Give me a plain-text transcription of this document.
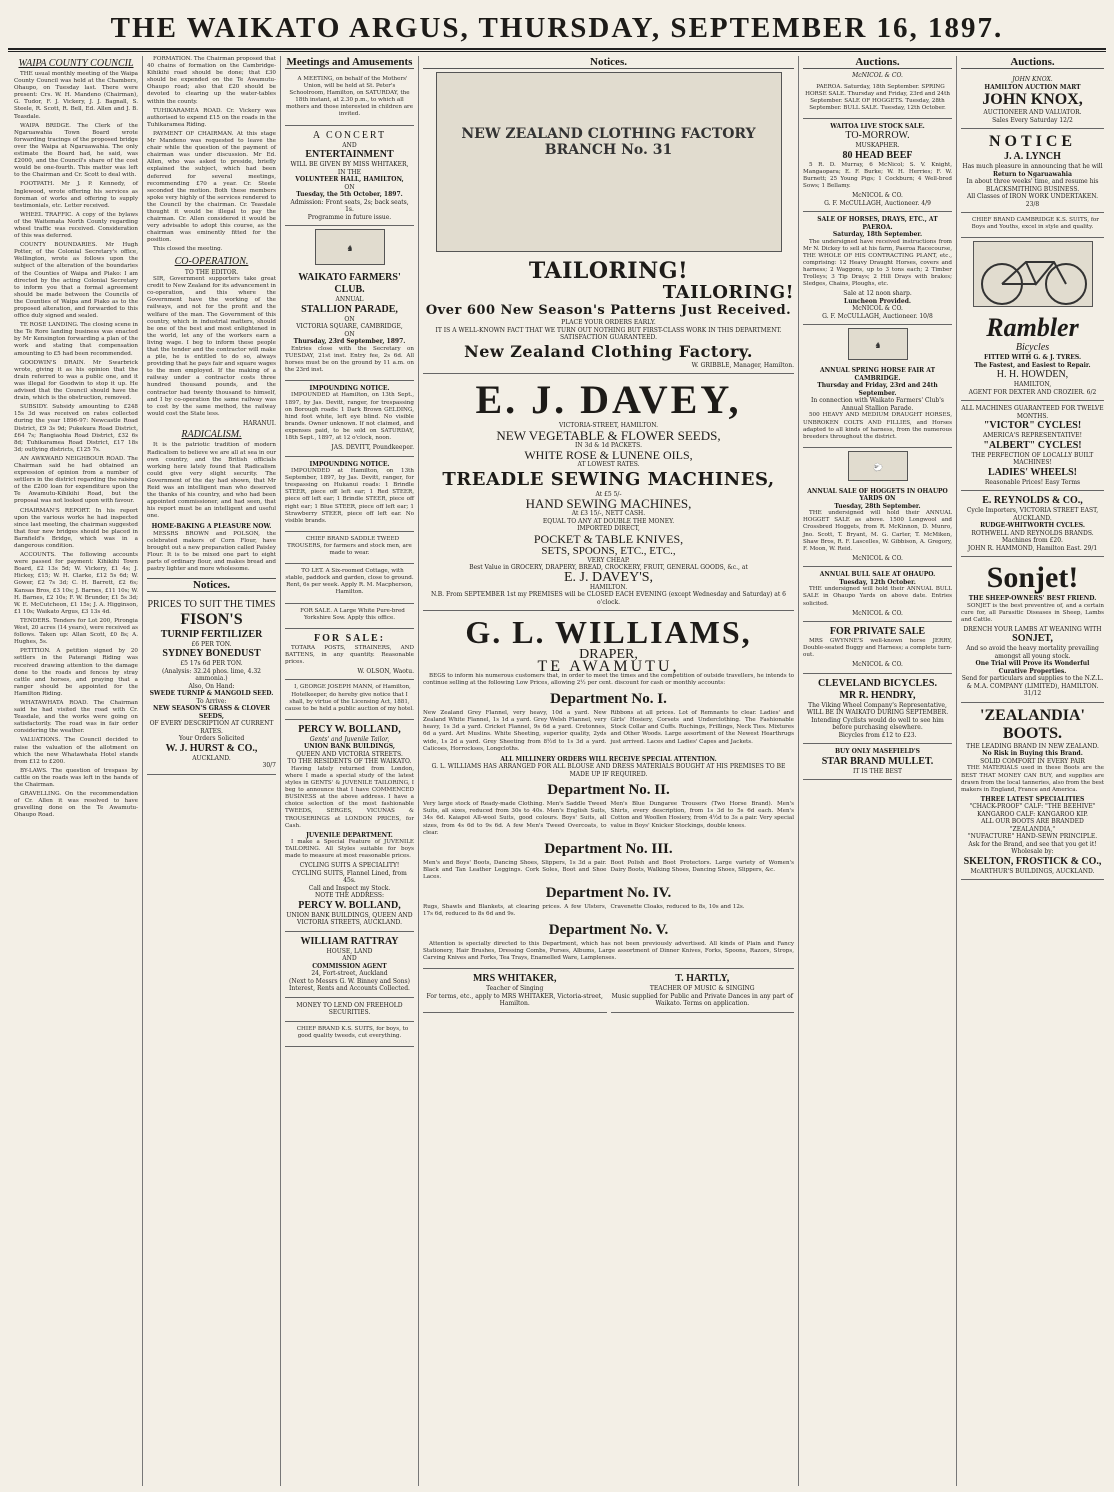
THE WAIKATO ARGUS, THURSDAY, SEPTEMBER 16, 1897.
WAIPA COUNTY COUNCIL

THE usual monthly meeting of the Waipa County Council was held at the Chambers, Ohaupo, on Tuesday last. There were present: Crs. W. H. Mandeno (Chairman), G. Tudor, F. J. Vickery, J. J. Bagnall, S. Steele, R. Scott, R. Bell, Ed. Allen and J. B. Teasdale.

WAIPA BRIDGE. The Clerk of the Ngaruawahia Town Board wrote forwarding tracings of the proposed bridge over the Waipa at Ngaruawahia. The only estimate the Board had, he said, was £2000, and the Council's share of the cost would be one-fourth. This matter was left to the Chairman and Cr. Scott to deal with.

FOOTPATH. Mr J. P. Kennedy, of Inglewood, wrote offering his services as foreman of works and offering to supply testimonials, etc. Letter received.

WHEEL TRAFFIC. A copy of the bylaws of the Waitemata North County regarding wheel traffic was received. Consideration of this was deferred.

COUNTY BOUNDARIES. Mr Hugh Potter, of the Colonial Secretary's office, Wellington, wrote as follows upon the subject of the alteration of the boundaries of the Counties of Waipa and Piako: I am directed by the acting Colonial Secretary to inform you that a formal agreement should be made between the Councils of the Counties of Waipa and Piako as to the proposed alteration, and forwarded to this office duly signed and sealed.

TE ROSE LANDING. The closing scene in the Te Rore landing business was enacted by Mr Kensington forwarding a plan of the work and stating that compensation amounting to £5 had been recommended.

GOODWIN'S DRAIN. Mr Swarbrick wrote, giving it as his opinion that the drain referred to was a public one, and it was illegal for Goodwin to stop it up. He advised that the Council should have the drain, which is the obstruction, removed.

SUBSIDY. Subsidy amounting to £248 15s 3d was received on rates collected during the year 1896-97: Newcastle Road District, £9 3s 9d; Pukekura Road District, £64 7s; Rangiaohia Road District, £32 6s 8d; Tuhikaramea Road District, £17 18s 3d; outlying districts, £125 7s.

AN AWKWARD NEIGHBOUR ROAD. The Chairman said he had obtained an expression of opinion from a number of settlers in the district regarding the raising of the £200 loan for expenditure upon the Te Awamutu-Kihikihi Road, but the proposal was not looked upon with favour.

CHAIRMAN'S REPORT. In his report upon the various works he had inspected since last meeting, the chairman suggested that four new bridges should be placed in Barnfield's Bridge, which was in a dangerous condition.

ACCOUNTS. The following accounts were passed for payment: Kihikihi Town Board, £2 13s 5d; W. Vickery, £1 4s; J. Hickey, £15; W. H. Clarke, £12 5s 6d; W. Gower, £2 7s 3d; C. H. Barrett, £2 6s; Kansas Bros, £3 10s; J. Barnes, £11 10s; W. H. Barnes, £2 10s; F. W. Brunder, £1 5s 3d; W. E. McCutcheon, £1 15s; J. A. Higginson, £1 10s; Waikato Argus, £3 13s 4d.

TENDERS. Tenders for Lot 200, Pirongia West, 20 acres (14 years), were received as follows. Taken up: Allan Scott, £0 8s; A. Hughes, 5s.

PETITION. A petition signed by 20 settlers in the Paterangi Riding was received drawing attention to the damage done to the roads and fences by stray cattle and horses, and praying that a ranger should be appointed for the Hamilton Riding.

WHATAWHATA ROAD. The Chairman said he had visited the road with Cr. Teasdale, and the works were going on satisfactorily. The road was in fair order considering the weather.

VALUATIONS. The Council decided to raise the valuation of the allotment on which the new Whatawhata Hotel stands from £12 to £200.

BY-LAWS. The question of trespass by cattle on the roads was left in the hands of the Chairman.

GRAVELLING. On the recommendation of Cr. Allen it was resolved to have gravelling done on the Te Awamutu-Ohaupo Road.

FORMATION. The Chairman proposed that 40 chains of formation on the Cambridge-Kihikihi road should be done; that £30 should be expended on the Te Awamutu-Ohaupo road; also that £20 should be devoted to clearing up the water-tables within the county.

TUHIKARAMEA ROAD. Cr. Vickery was authorised to expend £15 on the roads in the Tuhikaramea Riding.

PAYMENT OF CHAIRMAN. At this stage Mr Mandeno was requested to leave the chair while the question of the payment of chairman was under discussion. Mr Ed. Allen, who was asked to preside, briefly explained the subject, which had been deferred for several meetings, recommending £70 a year. Cr. Steele seconded the motion. Both these members spoke very highly of the services rendered to the Council by the chairman. Cr. Teasdale thought it would be illegal to pay the chairman. Cr. Allen considered it would be very advisable to adopt this course, as the chairman was eminently fitted for the position.

This closed the meeting.

CO-OPERATION.
TO THE EDITOR.

SIR, Government supporters take great credit to New Zealand for its advancement in co-operation, and this where the Government have the working of the railways, and not for the profit and the welfare of the man. The Government of this country, which in industrial matters, should be one of the best and most enlightened in the world, let any of the workers earn a living wage. I beg to inform these people that the tender and the contractor will make a pile, he is entitled to do so, always providing that he pays fair and square wages to the men employed. If the making of a railway under a contractor costs three hundred thousand pounds, and the contractor had twenty thousand to himself, and I by co-operation the same railway was to cost by the same method, the railway would cost the State less.

HARANUI.
RADICALISM.

It is the patriotic tradition of modern Radicalism to believe we are all at sea in our own country, and the British officials working here lately found that Radicalism could give very slight security. The Government of the day had shown, that Mr Reid was an intelligent man who deserved the thanks of his country, and who had been appointed commissioner, and had seen, that his report must be an intelligent and useful one.

HOME-BAKING A PLEASURE NOW.

MESSRS BROWN and POLSON, the celebrated makers of Corn Flour, have brought out a new preparation called Paisley Flour. It is to be mixed one part to eight parts of ordinary flour, and makes bread and pastry lighter and more wholesome.

Notices.
PRICES TO SUIT THE TIMES
FISON'S
TURNIP FERTILIZER
£6 PER TON.
SYDNEY BONEDUST
£5 17s 6d PER TON.
(Analysis: 32.24 phos. lime, 4.32 ammonia.)
Also, On Hand:
SWEDE TURNIP & MANGOLD SEED.
To Arrive:
NEW SEASON'S GRASS & CLOVER SEEDS,
OF EVERY DESCRIPTION AT CURRENT RATES.
Your Orders Solicited
W. J. HURST & CO.,
AUCKLAND.
30/7
Meetings and Amusements

A MEETING, on behalf of the Mothers' Union, will be held at St. Peter's Schoolroom, Hamilton, on SATURDAY, the 18th instant, at 2.30 p.m., to which all mothers and those interested in children are invited.

A CONCERT
AND
ENTERTAINMENT
WILL BE GIVEN BY MISS WHITAKER,
IN THE
VOLUNTEER HALL, HAMILTON,
ON
Tuesday, the 5th October, 1897.
Admission: Front seats, 2s; back seats, 1s.
Programme in future issue.
♞
WAIKATO FARMERS' CLUB.
ANNUAL
STALLION PARADE,
ON
VICTORIA SQUARE, CAMBRIDGE,
ON
Thursday, 23rd September, 1897.

Entries close with the Secretary on TUESDAY, 21st inst. Entry fee, 2s 6d. All horses must be on the ground by 11 a.m. on the 23rd inst.

IMPOUNDING NOTICE.

IMPOUNDED at Hamilton, on 13th Sept., 1897, by Jas. Devitt, ranger, for trespassing on Borough roads: 1 Dark Brown GELDING, hind foot white, left eye blind. No visible brands. Owner unknown. If not claimed, and expenses paid, to be sold on SATURDAY, 18th Sept., 1897, at 12 o'clock, noon.

JAS. DEVITT, Poundkeeper.
IMPOUNDING NOTICE.

IMPOUNDED at Hamilton, on 13th September, 1897, by Jas. Devitt, ranger, for trespassing on Hukanui roads: 1 Brindle STEER, piece off left ear; 1 Red STEER, piece off left ear; 1 Brindle STEER, piece off right ear; 1 Blue STEER, piece off left ear; 1 Strawberry STEER, piece off left ear. No visible brands.

CHIEF BRAND SADDLE TWEED TROUSERS, for farmers and stock men, are made to wear.

TO LET. A Six-roomed Cottage, with stable, paddock and garden, close to ground. Rent, 6s per week. Apply R. M. Macpherson, Hamilton.

FOR SALE. A Large White Pure-bred Yorkshire Sow. Apply this office.

FOR SALE:

TOTARA POSTS, STRAINERS, AND BATTENS, in any quantity. Reasonable prices.

W. OLSON, Waotu.

I, GEORGE JOSEPH MANN, of Hamilton, Hotelkeeper, do hereby give notice that I shall, by virtue of the Licensing Act, 1881, cause to be held a public auction of my hotel.

PERCY W. BOLLAND,
Gents' and Juvenile Tailor,
UNION BANK BUILDINGS,
QUEEN AND VICTORIA STREETS.
TO THE RESIDENTS OF THE WAIKATO.

Having lately returned from London, where I made a special study of the latest styles in GENTS' & JUVENILE TAILORING, I beg to announce that I have COMMENCED BUSINESS at the above address. I have a choice selection of the most fashionable TWEEDS, SERGES, VICUNAS & TROUSERINGS at LONDON PRICES, for Cash.

JUVENILE DEPARTMENT.

I make a Special Feature of JUVENILE TAILORING. All Styles suitable for boys made to measure at most reasonable prices.

CYCLING SUITS A SPECIALITY! CYCLING SUITS, Flannel Lined, from 45s.
Call and Inspect my Stock.
NOTE THE ADDRESS:
PERCY W. BOLLAND,
UNION BANK BUILDINGS, QUEEN AND VICTORIA STREETS, AUCKLAND.
WILLIAM RATTRAY
HOUSE, LAND
AND
COMMISSION AGENT
24, Fort-street, Auckland
(Next to Messrs G. W. Binney and Sons)
Interest, Rents and Accounts Collected.
MONEY TO LEND ON FREEHOLD SECURITIES.

CHIEF BRAND K.S. SUITS, for boys, to good quality tweeds, cut everything.

Notices.
NEW ZEALAND CLOTHING FACTORY BRANCH No. 31
TAILORING!
TAILORING!
Over 600 New Season's Patterns Just Received.
PLACE YOUR ORDERS EARLY.
IT IS A WELL-KNOWN FACT THAT WE TURN OUT NOTHING BUT FIRST-CLASS WORK IN THIS DEPARTMENT.
SATISFACTION GUARANTEED.
New Zealand Clothing Factory.
W. GRIBBLE, Manager, Hamilton.
E. J. DAVEY,
VICTORIA-STREET, HAMILTON.
NEW VEGETABLE & FLOWER SEEDS,
IN 3d & 1d PACKETS.
WHITE ROSE & LUNENE OILS,
AT LOWEST RATES.
TREADLE SEWING MACHINES,
At £5 5/-
HAND SEWING MACHINES,
At £3 15/-, NETT CASH.
EQUAL TO ANY AT DOUBLE THE MONEY.
IMPORTED DIRECT,
POCKET & TABLE KNIVES,
SETS, SPOONS, ETC., ETC.,
VERY CHEAP.
Best Value in GROCERY, DRAPERY, BREAD, CROCKERY, FRUIT, GENERAL GOODS, &c., at
E. J. DAVEY'S,
HAMILTON.
N.B. From SEPTEMBER 1st my PREMISES will be CLOSED EACH EVENING (except Wednesday and Saturday) at 6 o'clock.
G. L. WILLIAMS,
DRAPER,
TE AWAMUTU,

BEGS to inform his numerous customers that, in order to meet the times and the competition of outside travellers, he intends to continue selling at the following Low Prices, allowing 2½ per cent. discount for cash or monthly accounts:

Department No. I.
New Zealand Grey Flannel, very heavy, 10d a yard. New Zealand White Flannel, 1s 1d a yard. Grey Welsh Flannel, very heavy, 1s 3d a yard. Cricket Flannel, 9s 6d a yard. Cretonnes, 6d a yard. Art Muslins. White Sheeting, superior quality, 2yds wide, 1s 2d a yard. Grey Sheeting from 8½d to 1s 3d a yard. Calicoes, Horrockses, Longcloths.
Ribbons at all prices. Lot of Remnants to clear. Ladies' and Girls' Hosiery, Corsets and Underclothing. The Fashionable Stock Collar and Cuffs. Ruchings, Frillings, Neck Ties. Mixtures and Other Woods. Large assortment of the Newest Hearthrugs just arrived. Laces and Ladies' Capes and Jackets.
ALL MILLINERY ORDERS WILL RECEIVE SPECIAL ATTENTION.
G. L. WILLIAMS HAS ARRANGED FOR ALL BLOUSE AND DRESS MATERIALS BOUGHT AT HIS PREMISES TO BE MADE UP IF REQUIRED.
Department No. II.
Very large stock of Ready-made Clothing. Men's Saddle Tweed Suits, all sizes, reduced from 30s to 40s. Men's English Suits, 34s 6d. Kaiapoi All-wool Suits, good colours. Boys' Suits, all sizes, from 4s 6d to 9s 6d. A few Men's Tweed Overcoats, to clear.
Men's Blue Dungaree Trousers (Two Horse Brand). Men's Shirts, every description, from 1s 3d to 5s 6d each. Men's Cotton and Woollen Hosiery, from 4½d to 3s a pair. Very special value in Boys' Knicker Stockings, double knees.
Department No. III.
Men's and Boys' Boots, Dancing Shoes, Slippers, 1s 3d a pair. Black and Tan Leather Leggings. Cork Soles, Boot and Shoe Laces.
Boot Polish and Boot Protectors. Large variety of Women's Dairy Boots, Walking Shoes, Dancing Shoes, Slippers, &c.
Department No. IV.
Rugs, Shawls and Blankets, at clearing prices. A few Ulsters, 17s 6d, reduced to 8s 6d and 9s.
Cravenette Cloaks, reduced to 8s, 10s and 12s.
Department No. V.

Attention is specially directed to this Department, which has not been previously advertised. All kinds of Plain and Fancy Stationery, Hair Brushes, Dressing Combs, Purses, Albums, Large assortment of Dinner Knives, Forks, Spoons, Razors, Strops, Carving Knives and Forks, Tea Trays, Enamelled Ware, Lamplenses.

MRS WHITAKER,
Teacher of Singing
For terms, etc., apply to MRS WHITAKER, Victoria-street, Hamilton.
T. HARTLY,
TEACHER OF MUSIC & SINGING
Music supplied for Public and Private Dances in any part of Waikato. Terms on application.
Auctions.
McNICOL & CO.

PAEROA. Saturday, 18th September. SPRING HORSE SALE. Thursday and Friday, 23rd and 24th September. SALE OF HOGGETS. Tuesday, 28th September. BULL SALE. Tuesday, 12th October.

WAITOA LIVE STOCK SALE.
TO-MORROW.
MUSKAPHER.
80 HEAD BEEF

5 R. D. Murray, 6 McNicol; S. V. Knight, Mangaopara; E. F. Burke; W. H. Herries; F. W. Burnett; 25 Young Pigs; 1 Cockburn; 4 Well-bred Sows; 1 Bellamy.

McNICOL & CO.
G. F. McCULLAGH, Auctioneer. 4/9
SALE OF HORSES, DRAYS, ETC., AT PAEROA.
Saturday, 18th September.

The undersigned have received instructions from Mr N. Dickey to sell at his farm, Paeroa Racecourse, THE WHOLE OF HIS CONTRACTING PLANT, etc., comprising: 12 Heavy Draught Horses, covers and harness; 2 Waggons, up to 3 tons each; 2 Timber Trolleys; 3 Tip Drays; 2 Hill Drays with brakes; Sledges, Chains, Ploughs, etc.

Sale at 12 noon sharp.
Luncheon Provided.
McNICOL & CO.
G. F. McCULLAGH, Auctioneer. 10/8
♞
ANNUAL SPRING HORSE FAIR AT CAMBRIDGE.
Thursday and Friday, 23rd and 24th September.
In connection with Waikato Farmers' Club's Annual Stallion Parade.

500 HEAVY AND MEDIUM DRAUGHT HORSES, UNBROKEN COLTS AND FILLIES, and Horses adapted to all kinds of harness, from the numerous breeders throughout the district.

🐑
ANNUAL SALE OF HOGGETS IN OHAUPO YARDS ON
Tuesday, 28th September.

THE undersigned will hold their ANNUAL HOGGET SALE as above. 1500 Longwool and Crossbred Hoggets, from R. McKinnon, D. Munro, Jno. Scott, T. Bryant, M. G. Carter, T. McMiken, Shaw Bros, R. F. Lascelles, W. Gibbison, A. Gregory, F. Moon, W. Reid.

McNICOL & CO.
ANNUAL BULL SALE AT OHAUPO.
Tuesday, 12th October.

THE undersigned will hold their ANNUAL BULL SALE in Ohaupo Yards on above date. Entries solicited.

McNICOL & CO.
FOR PRIVATE SALE

MRS GWYNNE'S well-known horse JERRY, Double-seated Buggy and Harness; a complete turn-out.

McNICOL & CO.
CLEVELAND BICYCLES.
MR R. HENDRY,
The Viking Wheel Company's Representative,
WILL BE IN WAIKATO DURING SEPTEMBER.
Intending Cyclists would do well to see him before purchasing elsewhere.
Bicycles from £12 to £23.
BUY ONLY MASEFIELD'S
STAR BRAND MULLET.
IT IS THE BEST
Auctions.
JOHN KNOX.
HAMILTON AUCTION MART
JOHN KNOX,
AUCTIONEER AND VALUATOR.
Sales Every Saturday 12/2
NOTICE
J. A. LYNCH
Has much pleasure in announcing that he will
Return to Ngaruawahia
In about three weeks' time, and resume his BLACKSMITHING BUSINESS.
All Classes of IRON WORK UNDERTAKEN. 23/8

CHIEF BRAND CAMBRIDGE K.S. SUITS, for Boys and Youths, excel in style and quality.

Rambler
Bicycles
FITTED WITH G. & J. TYRES.
The Fastest, and Easiest to Repair.
H. H. HOWDEN,
HAMILTON,
AGENT FOR DEXTER AND CROZIER. 6/2
ALL MACHINES GUARANTEED FOR TWELVE MONTHS.
"VICTOR" CYCLES!
AMERICA'S REPRESENTATIVE!
"ALBERT" CYCLES!
THE PERFECTION OF LOCALLY BUILT MACHINES!
LADIES' WHEELS!
Reasonable Prices! Easy Terms
E. REYNOLDS & CO.,
Cycle Importers, VICTORIA STREET EAST, AUCKLAND.
RUDGE-WHITWORTH CYCLES.
ROTHWELL AND REYNOLDS BRANDS.
Machines from £20.
JOHN R. HAMMOND, Hamilton East. 29/1
Sonjet!
THE SHEEP-OWNERS' BEST FRIEND.

SONJET is the best preventive of, and a certain cure for, all Parasitic Diseases in Sheep, Lambs and Cattle.

DRENCH YOUR LAMBS AT WEANING WITH
SONJET,
And so avoid the heavy mortality prevailing amongst all young stock.
One Trial will Prove its Wonderful Curative Properties.
Send for particulars and supplies to the N.Z.L. & M.A. COMPANY (LIMITED), HAMILTON. 31/12
'ZEALANDIA' BOOTS.
THE LEADING BRAND IN NEW ZEALAND.
No Risk in Buying this Brand.
SOLID COMFORT IN EVERY PAIR

THE MATERIALS used in these Boots are the BEST THAT MONEY CAN BUY, and supplies are drawn from the local tanneries, also from the best makers in England, France and America.

THREE LATEST SPECIALITIES
"CHACK-PROOF" CALF: "THE BEEHIVE" KANGAROO CALF: KANGAROO KIP.
ALL OUR BOOTS ARE BRANDED "ZEALANDIA,"
"NUFACTURE" HAND-SEWN PRINCIPLE.
Ask for the Brand, and see that you get it!
Wholesale by:
SKELTON, FROSTICK & CO.,
McARTHUR'S BUILDINGS, AUCKLAND.
